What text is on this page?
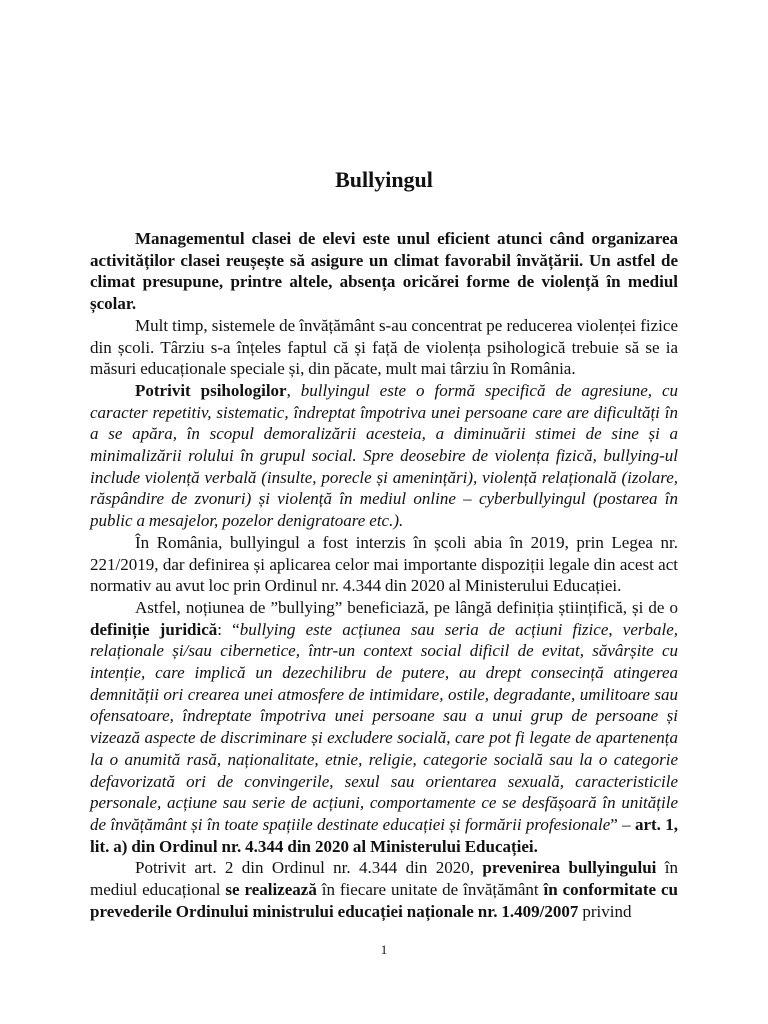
Bullyingul

Managementul clasei de elevi este unul eficient atunci când organizarea activităților clasei reușește să asigure un climat favorabil învățării. Un astfel de climat presupune, printre altele, absența oricărei forme de violență în mediul școlar.

Mult timp, sistemele de învățământ s-au concentrat pe reducerea violenței fizice din școli. Târziu s-a înțeles faptul că și față de violența psihologică trebuie să se ia măsuri educaționale speciale și, din păcate, mult mai târziu în România.

Potrivit psihologilor, bullyingul este o formă specifică de agresiune, cu caracter repetitiv, sistematic, îndreptat împotriva unei persoane care are dificultăți în a se apăra, în scopul demoralizării acesteia, a diminuării stimei de sine și a minimalizării rolului în grupul social. Spre deosebire de violența fizică, bullying-ul include violență verbală (insulte, porecle și amenințări), violență relațională (izolare, răspândire de zvonuri) și violență în mediul online – cyberbullyingul (postarea în public a mesajelor, pozelor denigratoare etc.).

În România, bullyingul a fost interzis în școli abia în 2019, prin Legea nr. 221/2019, dar definirea și aplicarea celor mai importante dispoziții legale din acest act normativ au avut loc prin Ordinul nr. 4.344 din 2020 al Ministerului Educației.

Astfel, noțiunea de ”bullying” beneficiază, pe lângă definiția științifică, și de o definiție juridică: “bullying este acțiunea sau seria de acțiuni fizice, verbale, relaționale și/sau cibernetice, într-un context social dificil de evitat, săvârșite cu intenție, care implică un dezechilibru de putere, au drept consecință atingerea demnității ori crearea unei atmosfere de intimidare, ostile, degradante, umilitoare sau ofensatoare, îndreptate împotriva unei persoane sau a unui grup de persoane și vizează aspecte de discriminare și excludere socială, care pot fi legate de apartenența la o anumită rasă, naționalitate, etnie, religie, categorie socială sau la o categorie defavorizată ori de convingerile, sexul sau orientarea sexuală, caracteristicile personale, acțiune sau serie de acțiuni, comportamente ce se desfășoară în unitățile de învățământ și în toate spațiile destinate educației și formării profesionale” – art. 1, lit. a) din Ordinul nr. 4.344 din 2020 al Ministerului Educației.

Potrivit art. 2 din Ordinul nr. 4.344 din 2020, prevenirea bullyingului în mediul educațional se realizează în fiecare unitate de învățământ în conformitate cu prevederile Ordinului ministrului educației naționale nr. 1.409/2007 privind

1
